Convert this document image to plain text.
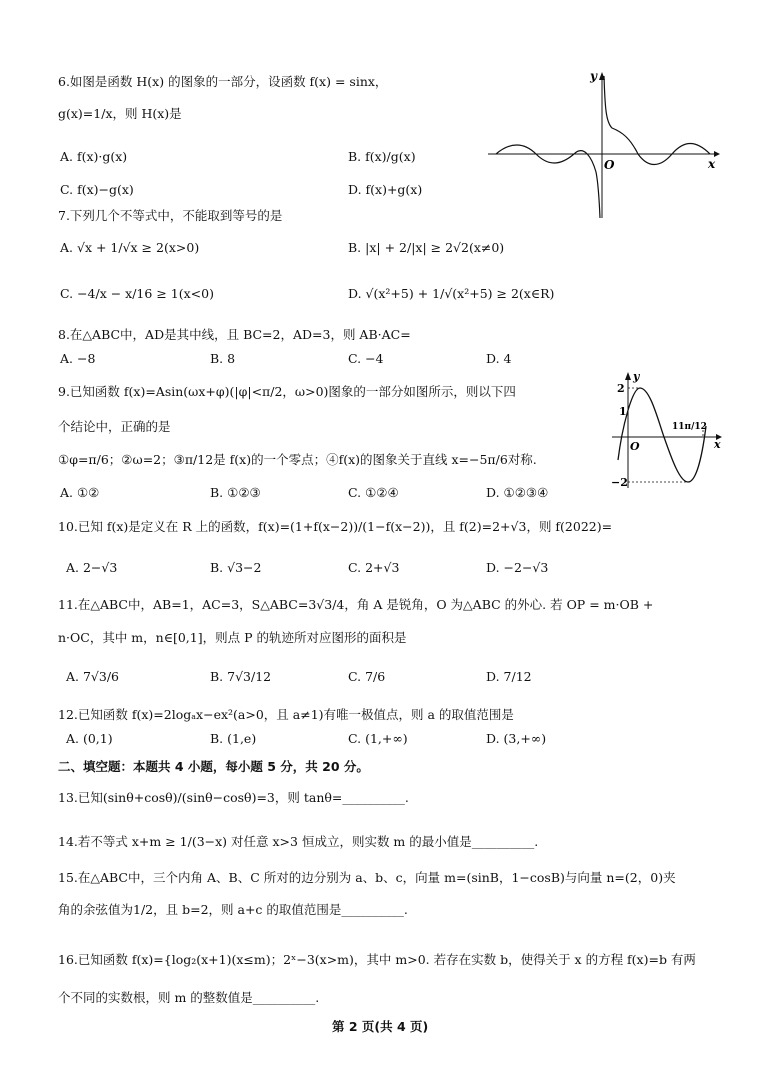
6.如图是函数 H(x) 的图象的一部分，设函数 f(x) = sinx，
g(x)=1/x，则 H(x)是
A. f(x)·g(x)	B. f(x)/g(x)
C. f(x)−g(x)	D. f(x)+g(x)
y
x
O
7.下列几个不等式中，不能取到等号的是
A. √x + 1/√x ≥ 2(x>0)	B. |x| + 2/|x| ≥ 2√2(x≠0)
C. −4/x − x/16 ≥ 1(x<0)	D. √(x²+5) + 1/√(x²+5) ≥ 2(x∈R)
8.在△ABC中，AD是其中线，且 BC=2，AD=3，则 AB·AC=
A. −8	B. 8	C. −4	D. 4
9.已知函数 f(x)=Asin(ωx+φ)(|φ|<π/2，ω>0)图象的一部分如图所示，则以下四
个结论中，正确的是
①φ=π/6；②ω=2；③π/12是 f(x)的一个零点；④f(x)的图象关于直线 x=−5π/6对称.
A. ①②	B. ①②③	C. ①②④	D. ①②③④
y
x
O
2
1
−2
11π/12
10.已知 f(x)是定义在 R 上的函数，f(x)=(1+f(x−2))/(1−f(x−2))，且 f(2)=2+√3，则 f(2022)=
A. 2−√3	B. √3−2	C. 2+√3	D. −2−√3
11.在△ABC中，AB=1，AC=3，S△ABC=3√3/4，角 A 是锐角，O 为△ABC 的外心. 若 OP = m·OB +
n·OC，其中 m，n∈[0,1]，则点 P 的轨迹所对应图形的面积是
A. 7√3/6	B. 7√3/12	C. 7/6	D. 7/12
12.已知函数 f(x)=2logₐx−ex²(a>0，且 a≠1)有唯一极值点，则 a 的取值范围是
A. (0,1)	B. (1,e)	C. (1,+∞)	D. (3,+∞)
二、填空题：本题共 4 小题，每小题 5 分，共 20 分。
13.已知(sinθ+cosθ)/(sinθ−cosθ)=3，则 tanθ=__________.
14.若不等式 x+m ≥ 1/(3−x) 对任意 x>3 恒成立，则实数 m 的最小值是__________.
15.在△ABC中，三个内角 A、B、C 所对的边分别为 a、b、c，向量 m=(sinB，1−cosB)与向量 n=(2，0)夹
角的余弦值为1/2，且 b=2，则 a+c 的取值范围是__________.
16.已知函数 f(x)={log₂(x+1)(x≤m)；2ˣ−3(x>m)，其中 m>0. 若存在实数 b，使得关于 x 的方程 f(x)=b 有两
个不同的实数根，则 m 的整数值是__________.
第 2 页(共 4 页)
